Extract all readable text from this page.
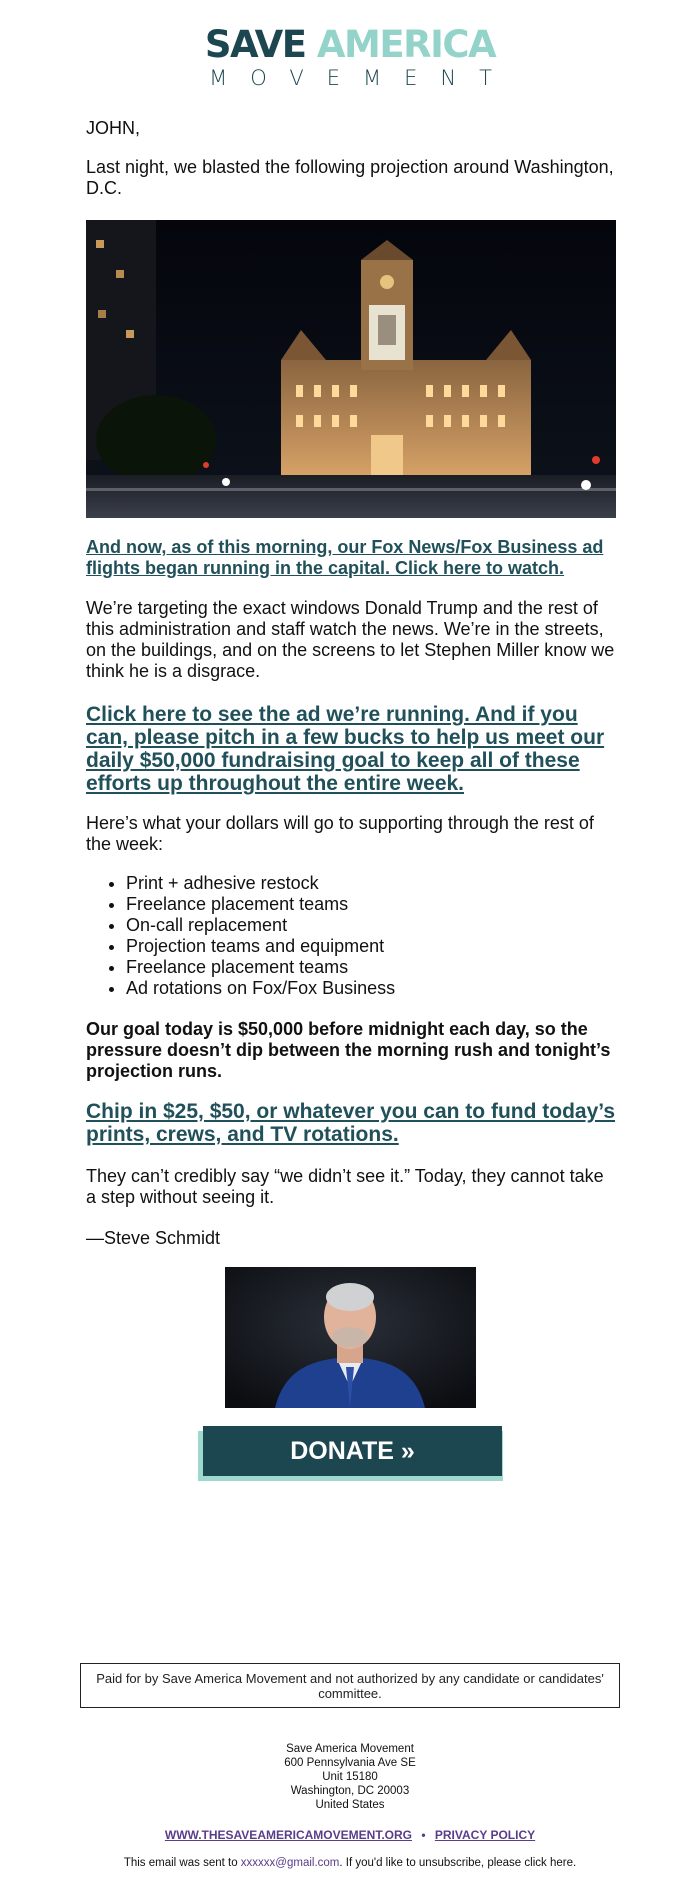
SAVE AMERICA
MOVEMENT
JOHN,
Last night, we blasted the following projection around Washington, D.C.
And now, as of this morning, our Fox News/Fox Business ad flights began running in the capital. Click here to watch.
We’re targeting the exact windows Donald Trump and the rest of this administration and staff watch the news. We’re in the streets, on the buildings, and on the screens to let Stephen Miller know we think he is a disgrace.
Click here to see the ad we’re running. And if you can, please pitch in a few bucks to help us meet our daily $50,000 fundraising goal to keep all of these efforts up throughout the entire week.
Here’s what your dollars will go to supporting through the rest of the week:
• Print + adhesive restock
• Freelance placement teams
• On-call replacement
• Projection teams and equipment
• Freelance placement teams
• Ad rotations on Fox/Fox Business
Our goal today is $50,000 before midnight each day, so the pressure doesn’t dip between the morning rush and tonight’s projection runs.
Chip in $25, $50, or whatever you can to fund today’s prints, crews, and TV rotations.
They can’t credibly say “we didn’t see it.” Today, they cannot take a step without seeing it.
—Steve Schmidt
DONATE »
Paid for by Save America Movement and not authorized by any candidate or candidates' committee.
Save America Movement
600 Pennsylvania Ave SE
Unit 15180
Washington, DC 20003
United States
WWW.THESAVEAMERICAMOVEMENT.ORG • PRIVACY POLICY
This email was sent to xxxxxx@gmail.com. If you'd like to unsubscribe, please click here.
